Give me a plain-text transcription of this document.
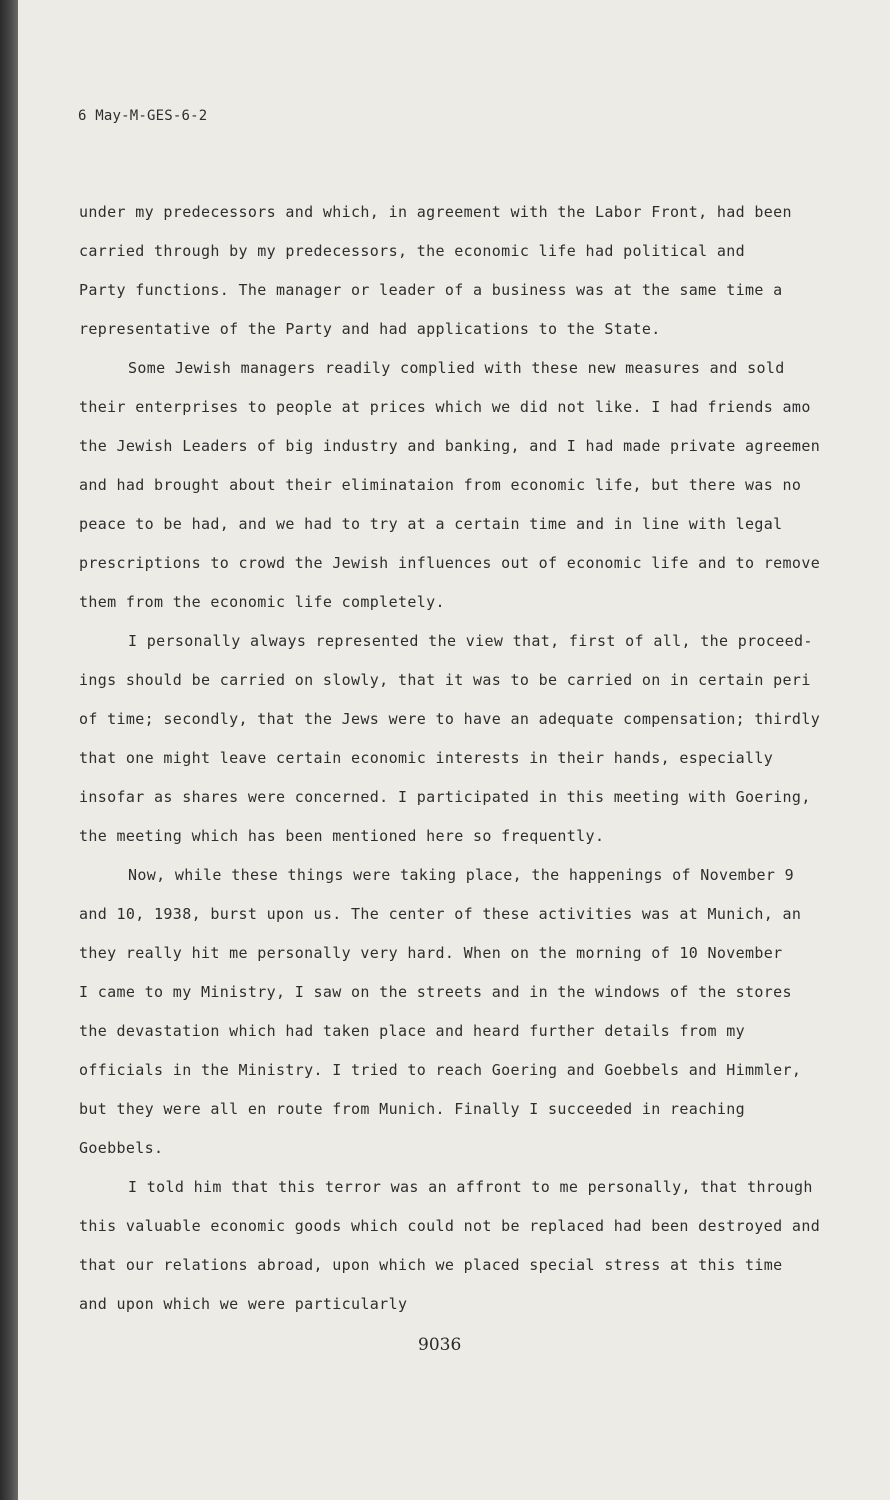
6 May-M-GES-6-2
under my predecessors and which, in agreement with the Labor Front, had been
carried through by my predecessors, the economic life had political and
Party functions. The manager or leader of a business was at the same time a
representative of the Party and had applications to the State.
Some Jewish managers readily complied with these new measures and sold
their enterprises to people at prices which we did not like. I had friends amo
the Jewish Leaders of big industry and banking, and I had made private agreemen
and had brought about their eliminataion from economic life, but there was no
peace to be had, and we had to try at a certain time and in line with legal
prescriptions to crowd the Jewish influences out of economic life and to remove
them from the economic life completely.
I personally always represented the view that, first of all, the proceed-
ings should be carried on slowly, that it was to be carried on in certain peri
of time; secondly, that the Jews were to have an adequate compensation; thirdly
that one might leave certain economic interests in their hands, especially
insofar as shares were concerned. I participated in this meeting with Goering,
the meeting which has been mentioned here so frequently.
Now, while these things were taking place, the happenings of November 9
and 10, 1938, burst upon us. The center of these activities was at Munich, an
they really hit me personally very hard. When on the morning of 10 November
I came to my Ministry, I saw on the streets and in the windows of the stores
the devastation which had taken place and heard further details from my
officials in the Ministry. I tried to reach Goering and Goebbels and Himmler,
but they were all en route from Munich. Finally I succeeded in reaching
Goebbels.
I told him that this terror was an affront to me personally, that through
this valuable economic goods which could not be replaced had been destroyed and
that our relations abroad, upon which we placed special stress at this time
and upon which we were particularly
9036
